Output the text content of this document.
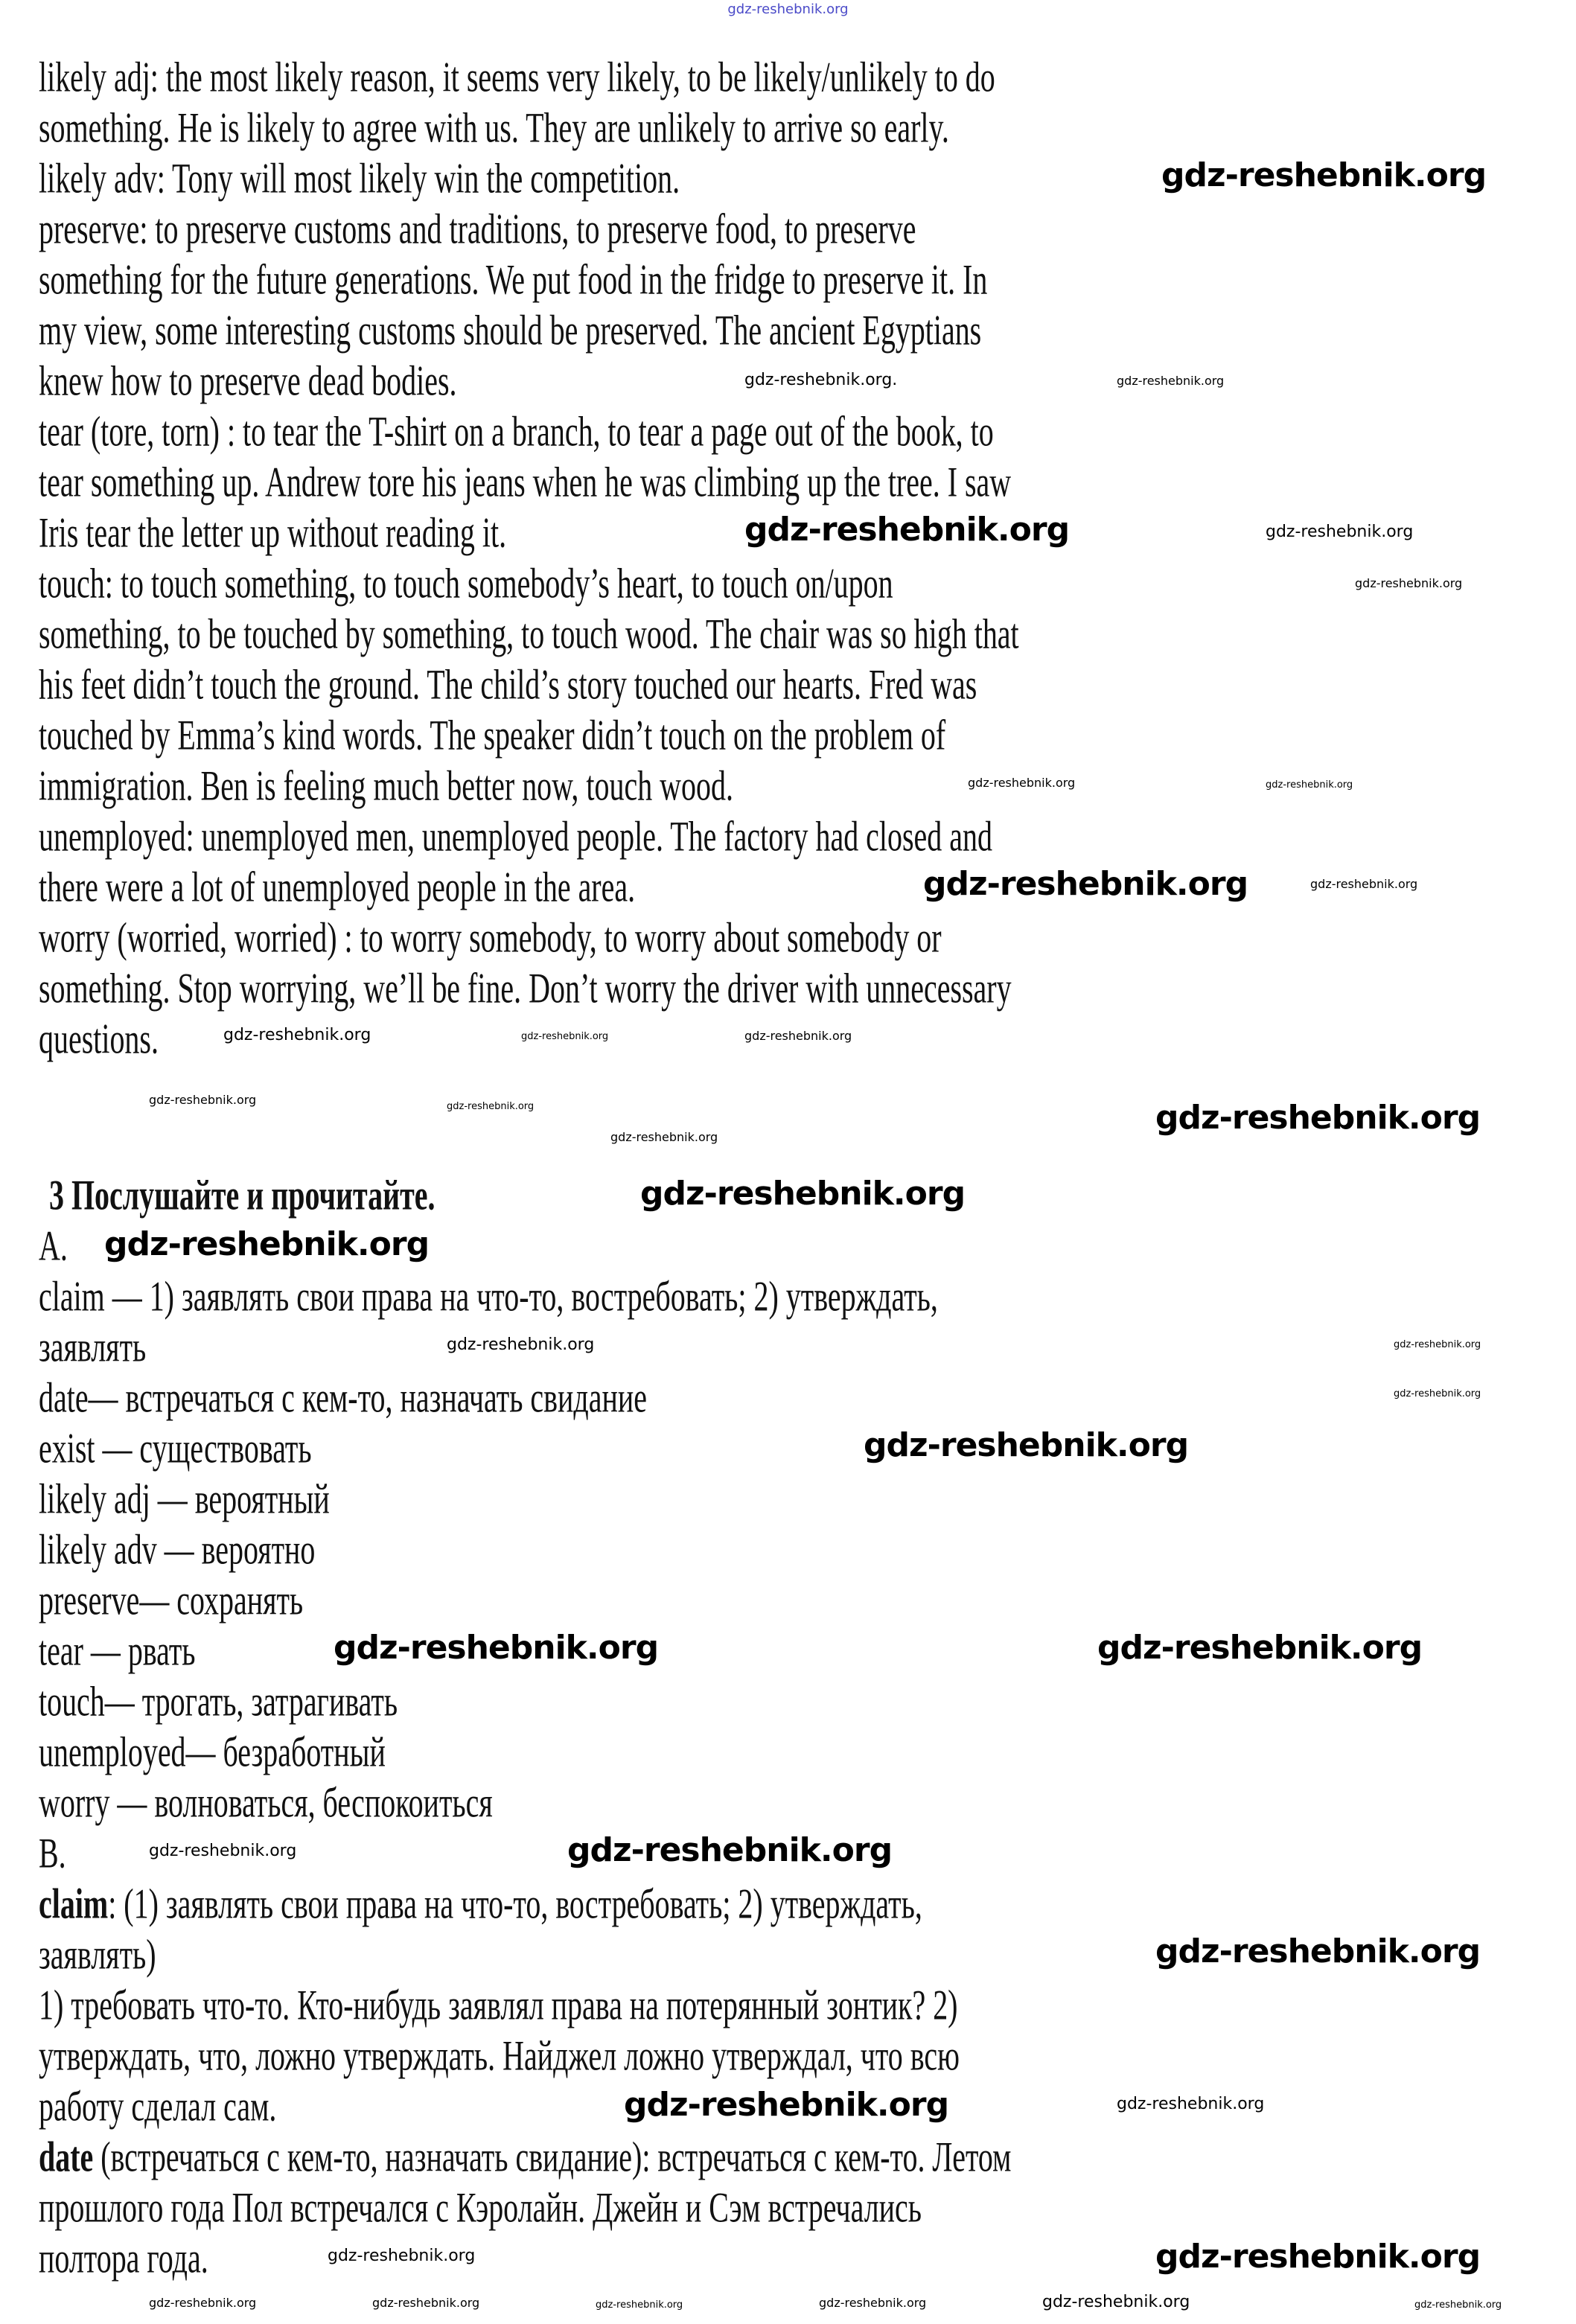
gdz-reshebnik.org
likely adj: the most likely reason, it seems very likely, to be likely/unlikely to do
something. He is likely to agree with us. They are unlikely to arrive so early.
likely adv: Tony will most likely win the competition.
preserve: to preserve customs and traditions, to preserve food, to preserve
something for the future generations. We put food in the fridge to preserve it. In
my view, some interesting customs should be preserved. The ancient Egyptians
knew how to preserve dead bodies.
tear (tore, torn) : to tear the T-shirt on a branch, to tear a page out of the book, to
tear something up. Andrew tore his jeans when he was climbing up the tree. I saw
Iris tear the letter up without reading it.
touch: to touch something, to touch somebody’s heart, to touch on/upon
something, to be touched by something, to touch wood. The chair was so high that
his feet didn’t touch the ground. The child’s story touched our hearts. Fred was
touched by Emma’s kind words. The speaker didn’t touch on the problem of
immigration. Ben is feeling much better now, touch wood.
unemployed: unemployed men, unemployed people. The factory had closed and
there were a lot of unemployed people in the area.
worry (worried, worried) : to worry somebody, to worry about somebody or
something. Stop worrying, we’ll be fine. Don’t worry the driver with unnecessary
questions.
3 Послушайте и прочитайте.
A.
claim — 1) заявлять свои права на что-то, востребовать; 2) утверждать,
заявлять
date— встречаться с кем-то, назначать свидание
exist — существовать
likely adj — вероятный
likely adv — вероятно
preserve— сохранять
tear — рвать
touch— трогать, затрагивать
unemployed— безработный
worry — волноваться, беспокоиться
B.
claim: (1) заявлять свои права на что-то, востребовать; 2) утверждать,
заявлять)
1) требовать что-то. Кто-нибудь заявлял права на потерянный зонтик? 2)
утверждать, что, ложно утверждать. Найджел ложно утверждал, что всю
работу сделал сам.
date (встречаться с кем-то, назначать свидание): встречаться с кем-то. Летом
прошлого года Пол встречался с Кэролайн. Джейн и Сэм встречались
полтора года.
gdz-reshebnik.org
gdz-reshebnik.org.	gdz-reshebnik.org
gdz-reshebnik.org	gdz-reshebnik.org
gdz-reshebnik.org
gdz-reshebnik.org	gdz-reshebnik.org
gdz-reshebnik.org	gdz-reshebnik.org
gdz-reshebnik.org	gdz-reshebnik.org	gdz-reshebnik.org
gdz-reshebnik.org
gdz-reshebnik.org	gdz-reshebnik.org
gdz-reshebnik.org
gdz-reshebnik.org
gdz-reshebnik.org
gdz-reshebnik.org
gdz-reshebnik.org
gdz-reshebnik.org
gdz-reshebnik.org
gdz-reshebnik.org	gdz-reshebnik.org
gdz-reshebnik.org	gdz-reshebnik.org
gdz-reshebnik.org
gdz-reshebnik.org	gdz-reshebnik.org
gdz-reshebnik.org	gdz-reshebnik.org
gdz-reshebnik.org	gdz-reshebnik.org	gdz-reshebnik.org	gdz-reshebnik.org
gdz-reshebnik.org
gdz-reshebnik.org
